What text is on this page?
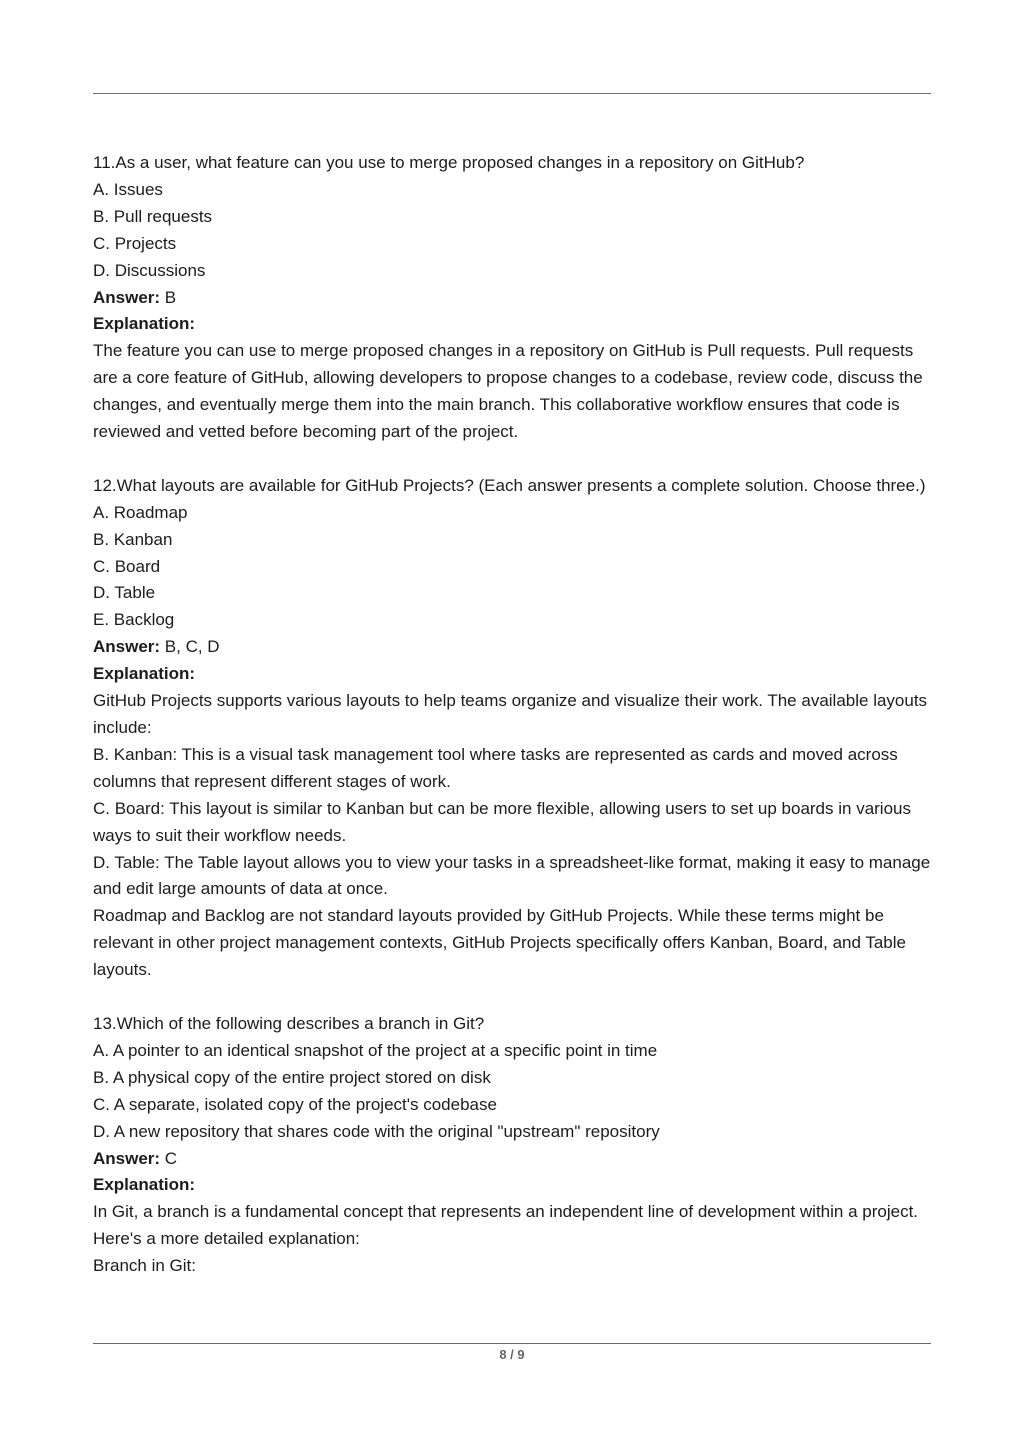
11.As a user, what feature can you use to merge proposed changes in a repository on GitHub?

A. Issues

B. Pull requests

C. Projects

D. Discussions

Answer: B

Explanation:

The feature you can use to merge proposed changes in a repository on GitHub is Pull requests. Pull requests are a core feature of GitHub, allowing developers to propose changes to a codebase, review code, discuss the changes, and eventually merge them into the main branch. This collaborative workflow ensures that code is reviewed and vetted before becoming part of the project.

12.What layouts are available for GitHub Projects? (Each answer presents a complete solution. Choose three.)

A. Roadmap

B. Kanban

C. Board

D. Table

E. Backlog

Answer: B, C, D

Explanation:

GitHub Projects supports various layouts to help teams organize and visualize their work. The available layouts include:

B. Kanban: This is a visual task management tool where tasks are represented as cards and moved across columns that represent different stages of work.

C. Board: This layout is similar to Kanban but can be more flexible, allowing users to set up boards in various ways to suit their workflow needs.

D. Table: The Table layout allows you to view your tasks in a spreadsheet-like format, making it easy to manage and edit large amounts of data at once.

Roadmap and Backlog are not standard layouts provided by GitHub Projects. While these terms might be relevant in other project management contexts, GitHub Projects specifically offers Kanban, Board, and Table layouts.

13.Which of the following describes a branch in Git?

A. A pointer to an identical snapshot of the project at a specific point in time

B. A physical copy of the entire project stored on disk

C. A separate, isolated copy of the project's codebase

D. A new repository that shares code with the original "upstream" repository

Answer: C

Explanation:

In Git, a branch is a fundamental concept that represents an independent line of development within a project. Here's a more detailed explanation:

Branch in Git:

8 / 9
